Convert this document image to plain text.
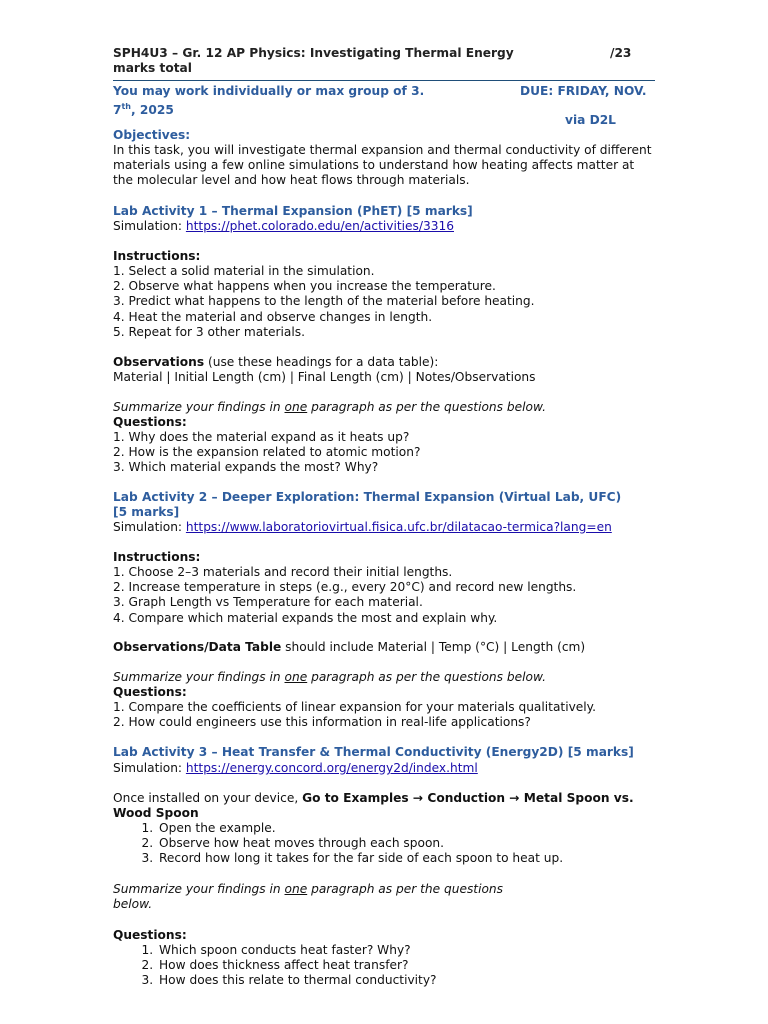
SPH4U3 – Gr. 12 AP Physics: Investigating Thermal Energy	/23
marks total
You may work individually or max group of 3.	DUE: FRIDAY, NOV.
7th, 2025
via D2L
Objectives:
In this task, you will investigate thermal expansion and thermal conductivity of different materials using a few online simulations to understand how heating affects matter at the molecular level and how heat flows through materials.
Lab Activity 1 – Thermal Expansion (PhET) [5 marks]
Simulation: https://phet.colorado.edu/en/activities/3316
Instructions:
1. Select a solid material in the simulation.
2. Observe what happens when you increase the temperature.
3. Predict what happens to the length of the material before heating.
4. Heat the material and observe changes in length.
5. Repeat for 3 other materials.
Observations (use these headings for a data table):
Material | Initial Length (cm) | Final Length (cm) | Notes/Observations
Summarize your findings in one paragraph as per the questions below.
Questions:
1. Why does the material expand as it heats up?
2. How is the expansion related to atomic motion?
3. Which material expands the most? Why?
Lab Activity 2 – Deeper Exploration: Thermal Expansion (Virtual Lab, UFC)
[5 marks]
Simulation: https://www.laboratoriovirtual.fisica.ufc.br/dilatacao-termica?lang=en
Instructions:
1. Choose 2–3 materials and record their initial lengths.
2. Increase temperature in steps (e.g., every 20°C) and record new lengths.
3. Graph Length vs Temperature for each material.
4. Compare which material expands the most and explain why.
Observations/Data Table should include Material | Temp (°C) | Length (cm)
Summarize your findings in one paragraph as per the questions below.
Questions:
1. Compare the coefficients of linear expansion for your materials qualitatively.
2. How could engineers use this information in real-life applications?
Lab Activity 3 – Heat Transfer & Thermal Conductivity (Energy2D) [5 marks]
Simulation: https://energy.concord.org/energy2d/index.html
Once installed on your device, Go to Examples → Conduction → Metal Spoon vs.
Wood Spoon
1. Open the example.
2. Observe how heat moves through each spoon.
3. Record how long it takes for the far side of each spoon to heat up.
Summarize your findings in one paragraph as per the questions
below.
Questions:
1. Which spoon conducts heat faster? Why?
2. How does thickness affect heat transfer?
3. How does this relate to thermal conductivity?
